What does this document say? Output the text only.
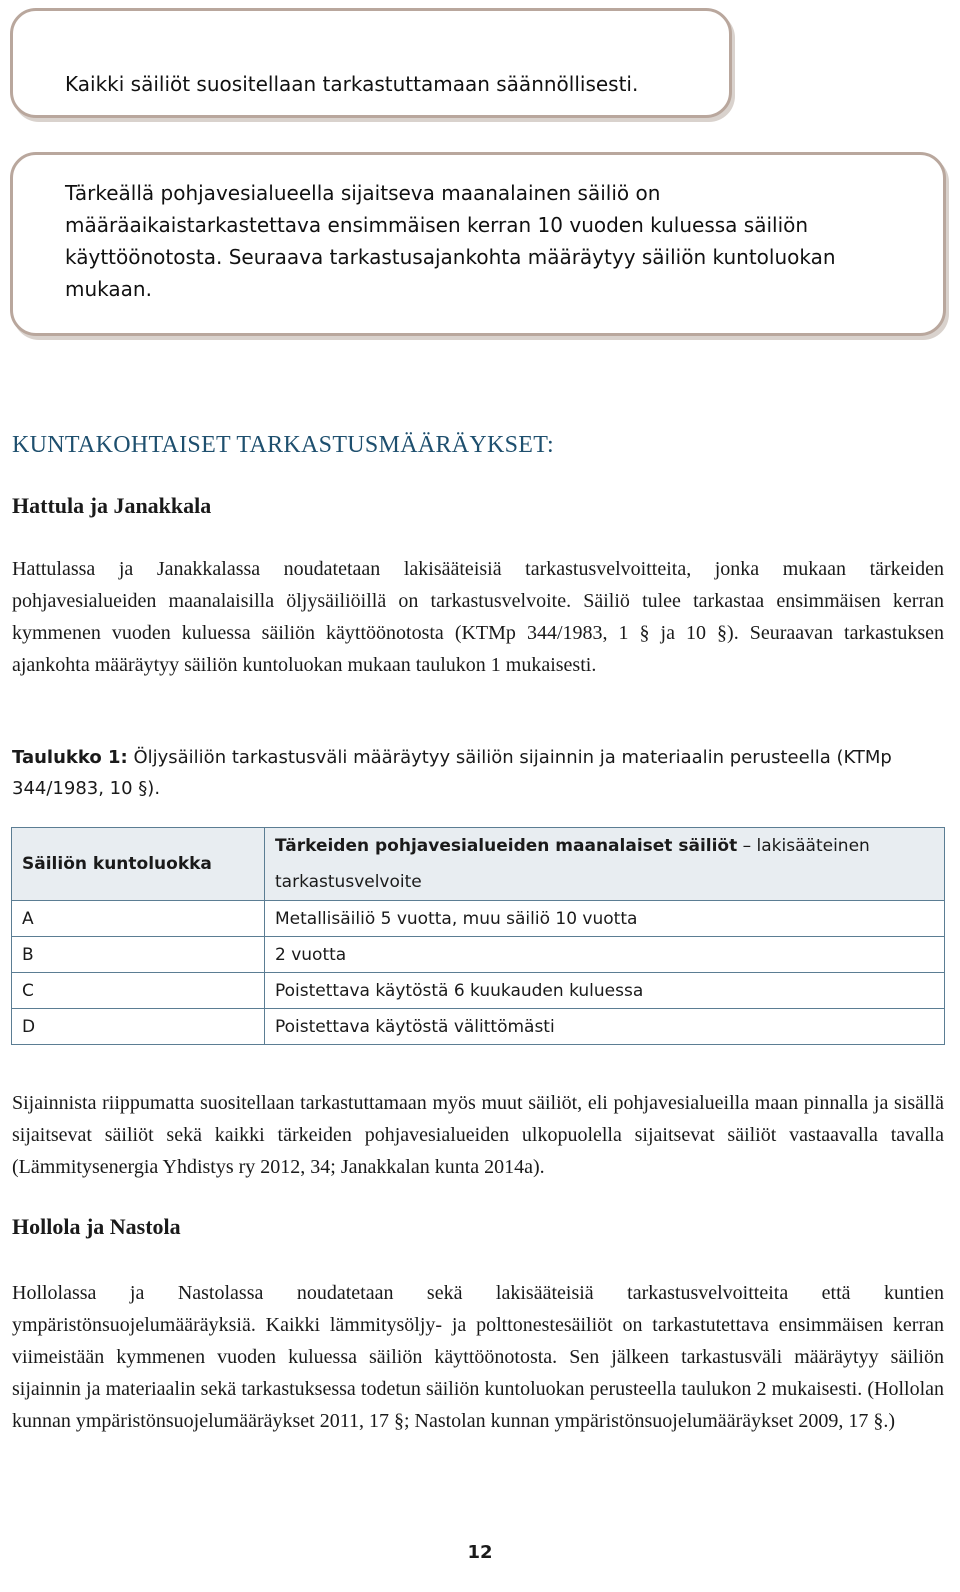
Kaikki säiliöt suositellaan tarkastuttamaan säännöllisesti.

Tärkeällä pohjavesialueella sijaitseva maanalainen säiliö on määräaikaistarkastettava ensimmäisen kerran 10 vuoden kuluessa säiliön käyttöönotosta. Seuraava tarkastusajankohta määräytyy säiliön kuntoluokan mukaan.

KUNTAKOHTAISET TARKASTUSMÄÄRÄYKSET:
Hattula ja Janakkala

Hattulassa ja Janakkalassa noudatetaan lakisääteisiä tarkastusvelvoitteita, jonka mukaan tärkeiden pohjavesialueiden maanalaisilla öljysäiliöillä on tarkastusvelvoite. Säiliö tulee tarkastaa ensimmäisen kerran kymmenen vuoden kuluessa säiliön käyttöönotosta (KTMp 344/1983, 1 § ja 10 §). Seuraavan tarkastuksen ajankohta määräytyy säiliön kuntoluokan mukaan taulukon 1 mukaisesti.

Taulukko 1: Öljysäiliön tarkastusväli määräytyy säiliön sijainnin ja materiaalin perusteella (KTMp 344/1983, 10 §).

Säiliön kuntoluokka	Tärkeiden pohjavesialueiden maanalaiset säiliöt – lakisääteinen tarkastusvelvoite
A	Metallisäiliö 5 vuotta, muu säiliö 10 vuotta
B	2 vuotta
C	Poistettava käytöstä 6 kuukauden kuluessa
D	Poistettava käytöstä välittömästi

Sijainnista riippumatta suositellaan tarkastuttamaan myös muut säiliöt, eli pohjavesialueilla maan pinnalla ja sisällä sijaitsevat säiliöt sekä kaikki tärkeiden pohjavesialueiden ulkopuolella sijaitsevat säiliöt vastaavalla tavalla (Lämmitysenergia Yhdistys ry 2012, 34; Janakkalan kunta 2014a).

Hollola ja Nastola

Hollolassa ja Nastolassa noudatetaan sekä lakisääteisiä tarkastusvelvoitteita että kuntien ympäristönsuojelumääräyksiä. Kaikki lämmitysöljy- ja polttonestesäiliöt on tarkastutettava ensimmäisen kerran viimeistään kymmenen vuoden kuluessa säiliön käyttöönotosta. Sen jälkeen tarkastusväli määräytyy säiliön sijainnin ja materiaalin sekä tarkastuksessa todetun säiliön kuntoluokan perusteella taulukon 2 mukaisesti. (Hollolan kunnan ympäristönsuojelumääräykset 2011, 17 §; Nastolan kunnan ympäristönsuojelumääräykset 2009, 17 §.)

12
